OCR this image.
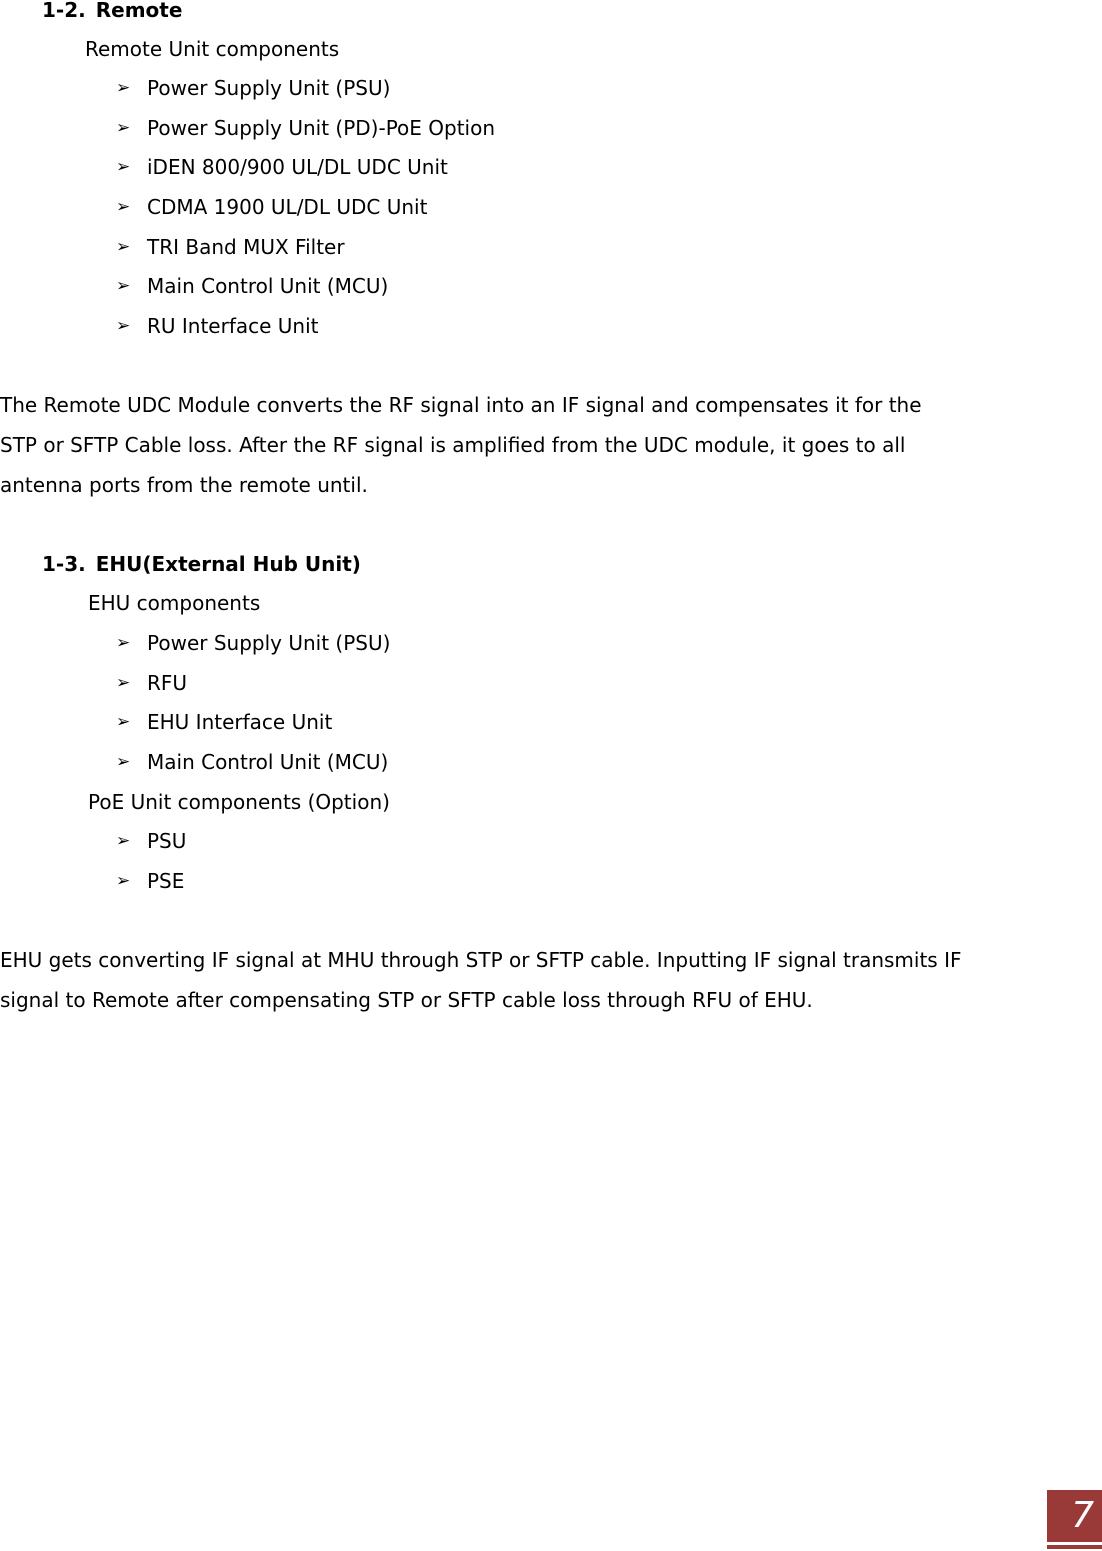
1-2. Remote
Remote Unit components
➢ Power Supply Unit (PSU)
➢ Power Supply Unit (PD)-PoE Option
➢ iDEN 800/900 UL/DL UDC Unit
➢ CDMA 1900 UL/DL UDC Unit
➢ TRI Band MUX Filter
➢ Main Control Unit (MCU)
➢ RU Interface Unit

The Remote UDC Module converts the RF signal into an IF signal and compensates it for the
STP or SFTP Cable loss. After the RF signal is amplified from the UDC module, it goes to all
antenna ports from the remote until.

1-3. EHU(External Hub Unit)
EHU components
➢ Power Supply Unit (PSU)
➢ RFU
➢ EHU Interface Unit
➢ Main Control Unit (MCU)
PoE Unit components (Option)
➢ PSU
➢ PSE

EHU gets converting IF signal at MHU through STP or SFTP cable. Inputting IF signal transmits IF
signal to Remote after compensating STP or SFTP cable loss through RFU of EHU.

7
